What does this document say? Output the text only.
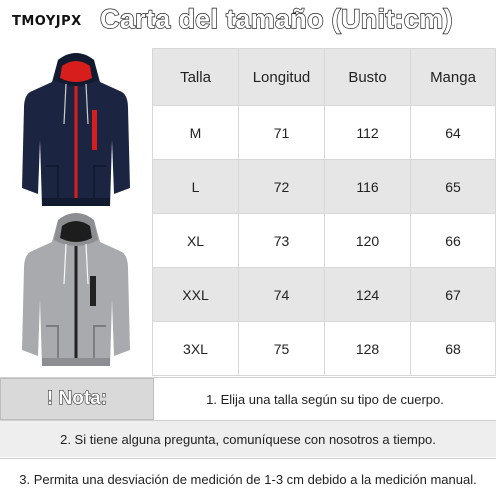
TMOYJPX Carta del tamaño (Unit:cm)
Talla	Longitud	Busto	Manga
M	71	112	64
L	72	116	65
XL	73	120	66
XXL	74	124	67
3XL	75	128	68
! Nota:	1. Elija una talla según su tipo de cuerpo.
2. Si tiene alguna pregunta, comuníquese con nosotros a tiempo.
3. Permita una desviación de medición de 1-3 cm debido a la medición manual.
